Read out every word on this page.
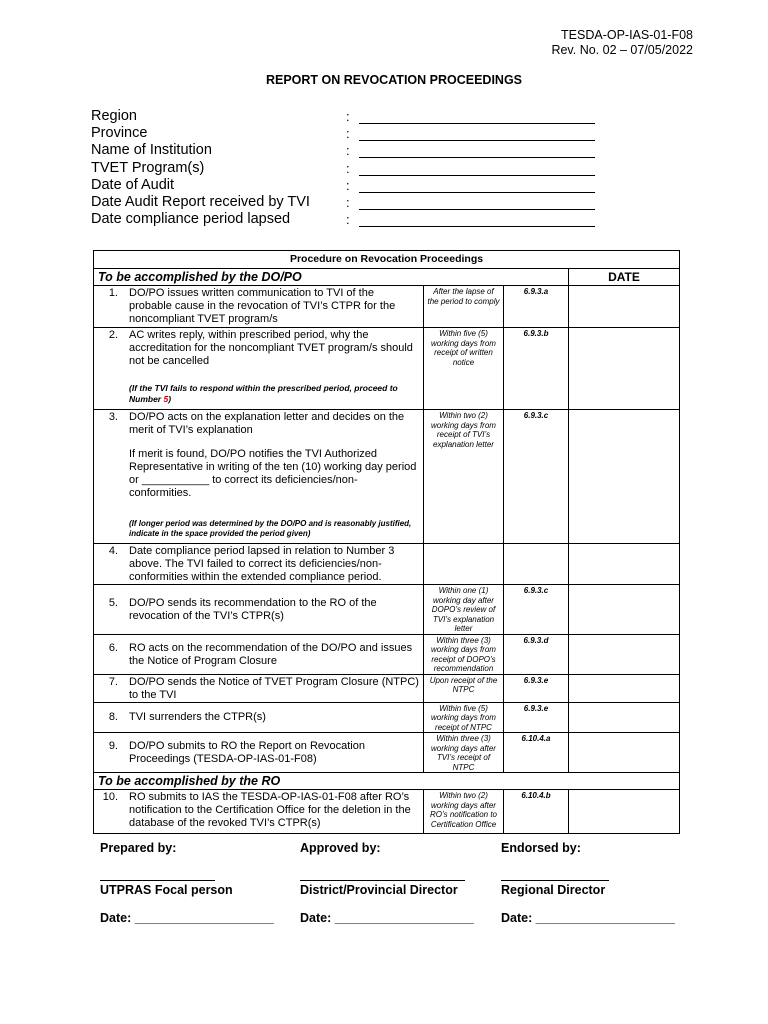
TESDA-OP-IAS-01-F08
Rev. No. 02 – 07/05/2022
REPORT ON REVOCATION PROCEEDINGS
Region	:
Province	:
Name of Institution	:
TVET Program(s)	:
Date of Audit	:
Date Audit Report received by TVI	:
Date compliance period lapsed	:
Procedure on Revocation Proceedings			
To be accomplished by the DO/PO			DATE

1. DO/PO issues written communication to TVI of the probable cause in the revocation of TVI’s CTPR for the noncompliant TVET program/s	After the lapse of the period to comply	6.9.3.a	

2. AC writes reply, within prescribed period, why the accreditation for the noncompliant TVET program/s should not be cancelled
(If the TVI fails to respond within the prescribed period, proceed to Number 5)	Within five (5) working days from receipt of written notice	6.9.3.b	

3. DO/PO acts on the explanation letter and decides on the merit of TVI’s explanation
If merit is found, DO/PO notifies the TVI Authorized Representative in writing of the ten (10) working day period or ___________ to correct its deficiencies/non-conformities.
(If longer period was determined by the DO/PO and is reasonably justified, indicate in the space provided the period given)	Within two (2) working days from receipt of TVI’s explanation letter	6.9.3.c	

4. Date compliance period lapsed in relation to Number 3 above. The TVI failed to correct its deficiencies/non-conformities within the extended compliance period.			

5. DO/PO sends its recommendation to the RO of the revocation of the TVI’s CTPR(s)	Within one (1) working day after DOPO’s review of TVI’s explanation letter	6.9.3.c	

6. RO acts on the recommendation of the DO/PO and issues the Notice of Program Closure	Within three (3) working days from receipt of DOPO’s recommendation	6.9.3.d	

7. DO/PO sends the Notice of TVET Program Closure (NTPC) to the TVI	Upon receipt of the NTPC	6.9.3.e	

8. TVI surrenders the CTPR(s)	Within five (5) working days from receipt of NTPC	6.9.3.e	

9. DO/PO submits to RO the Report on Revocation Proceedings (TESDA-OP-IAS-01-F08)	Within three (3) working days after TVI’s receipt of NTPC	6.10.4.a	
To be accomplished by the RO			

10. RO submits to IAS the TESDA-OP-IAS-01-F08 after RO’s notification to the Certification Office for the deletion in the database of the revoked TVI’s CTPR(s)	Within two (2) working days after RO’s notification to Certification Office	6.10.4.b	
Prepared by:	Approved by:	Endorsed by:
UTPRAS Focal person	District/Provincial Director	Regional Director
Date: ____________________ Date: ____________________ Date: ____________________
